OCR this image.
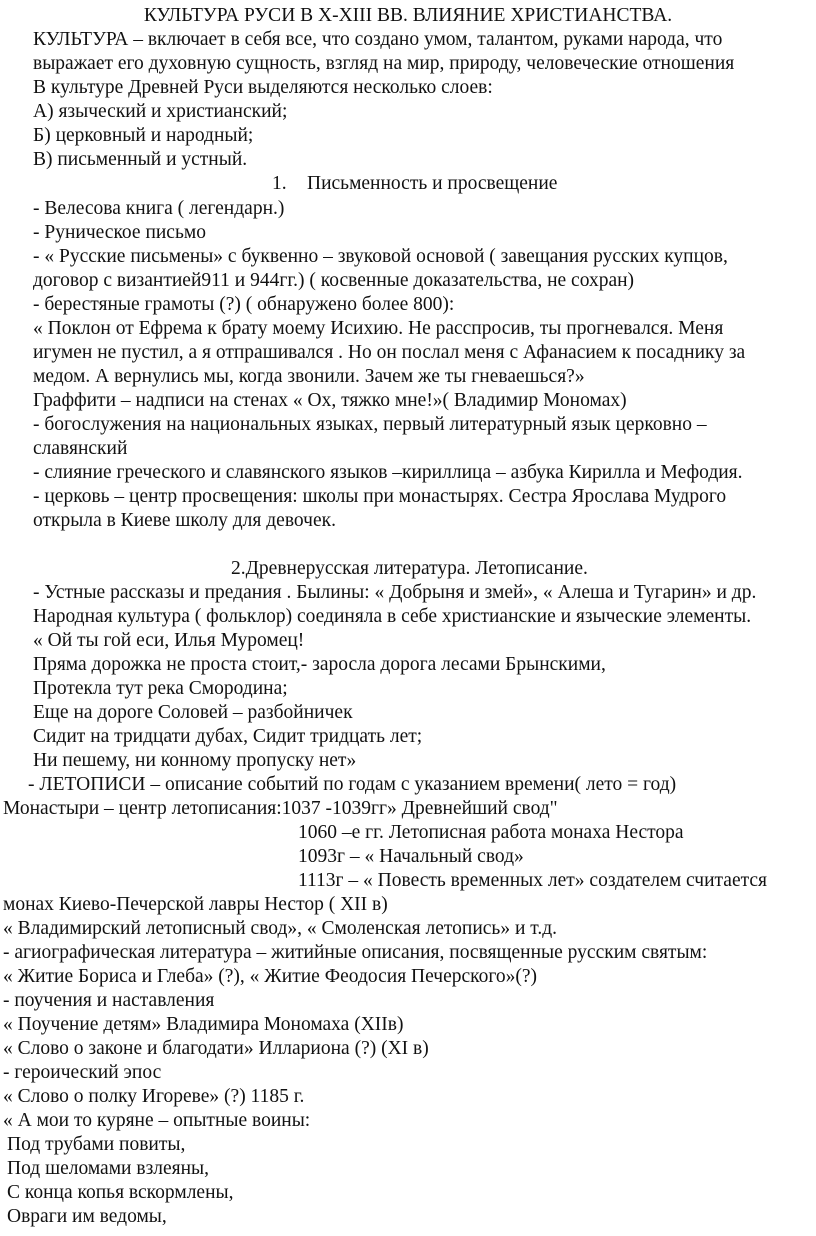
КУЛЬТУРА РУСИ В X-XIII ВВ. ВЛИЯНИЕ ХРИСТИАНСТВА.
КУЛЬТУРА – включает в себя все, что создано умом, талантом, руками народа, что
выражает его духовную сущность, взгляд на мир, природу, человеческие отношения
В культуре Древней Руси выделяются несколько слоев:
А) языческий и христианский;
Б) церковный и народный;
В) письменный и устный.
1. Письменность и просвещение
- Велесова книга ( легендарн.)
- Руническое письмо
- « Русские письмены» с буквенно – звуковой основой ( завещания русских купцов,
договор с византией911 и 944гг.) ( косвенные доказательства, не сохран)
- берестяные грамоты (?) ( обнаружено более 800):
« Поклон от Ефрема к брату моему Исихию. Не расспросив, ты прогневался. Меня
игумен не пустил, а я отпрашивался . Но он послал меня с Афанасием к посаднику за
медом. А вернулись мы, когда звонили. Зачем же ты гневаешься?»
Граффити – надписи на стенах « Ох, тяжко мне!»( Владимир Мономах)
- богослужения на национальных языках, первый литературный язык церковно –
славянский
- слияние греческого и славянского языков –кириллица – азбука Кирилла и Мефодия.
- церковь – центр просвещения: школы при монастырях. Сестра Ярослава Мудрого
открыла в Киеве школу для девочек.
2.Древнерусская литература. Летописание.
- Устные рассказы и предания . Былины: « Добрыня и змей», « Алеша и Тугарин» и др.
Народная культура ( фольклор) соединяла в себе христианские и языческие элементы.
« Ой ты гой еси, Илья Муромец!
Пряма дорожка не проста стоит,- заросла дорога лесами Брынскими,
Протекла тут река Смородина;
Еще на дороге Соловей – разбойничек
Сидит на тридцати дубах, Сидит тридцать лет;
Ни пешему, ни конному пропуску нет»
- ЛЕТОПИСИ – описание событий по годам с указанием времени( лето = год)
Монастыри – центр летописания:1037 -1039гг» Древнейший свод"
1060 –е гг. Летописная работа монаха Нестора
1093г – « Начальный свод»
1113г – « Повесть временных лет» создателем считается
монах Киево-Печерской лавры Нестор ( XII в)
« Владимирский летописный свод», « Смоленская летопись» и т.д.
- агиографическая литература – житийные описания, посвященные русским святым:
« Житие Бориса и Глеба» (?), « Житие Феодосия Печерского»(?)
- поучения и наставления
« Поучение детям» Владимира Мономаха (XIIв)
« Слово о законе и благодати» Иллариона (?) (XI в)
- героический эпос
« Слово о полку Игореве» (?) 1185 г.
« А мои то куряне – опытные воины:
Под трубами повиты,
Под шеломами взлеяны,
С конца копья вскормлены,
Овраги им ведомы,
